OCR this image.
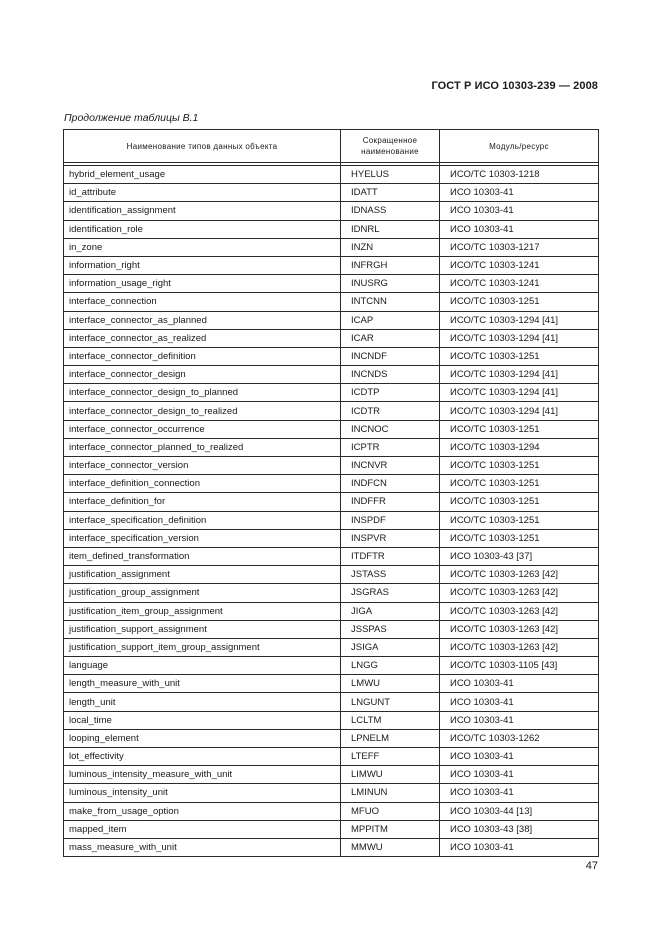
ГОСТ Р ИСО 10303-239 — 2008
Продолжение таблицы В.1
Наименование типов данных объекта	Сокращенное наименование	Модуль/ресурс

hybrid_element_usage	HYELUS	ИСО/ТС 10303-1218
id_attribute	IDATT	ИСО 10303-41
identification_assignment	IDNASS	ИСО 10303-41
identification_role	IDNRL	ИСО 10303-41
in_zone	INZN	ИСО/ТС 10303-1217
information_right	INFRGH	ИСО/ТС 10303-1241
information_usage_right	INUSRG	ИСО/ТС 10303-1241
interface_connection	INTCNN	ИСО/ТС 10303-1251
interface_connector_as_planned	ICAP	ИСО/ТС 10303-1294 [41]
interface_connector_as_realized	ICAR	ИСО/ТС 10303-1294 [41]
interface_connector_definition	INCNDF	ИСО/ТС 10303-1251
interface_connector_design	INCNDS	ИСО/ТС 10303-1294 [41]
interface_connector_design_to_planned	ICDTP	ИСО/ТС 10303-1294 [41]
interface_connector_design_to_realized	ICDTR	ИСО/ТС 10303-1294 [41]
interface_connector_occurrence	INCNOC	ИСО/ТС 10303-1251
interface_connector_planned_to_realized	ICPTR	ИСО/ТС 10303-1294
interface_connector_version	INCNVR	ИСО/ТС 10303-1251
interface_definition_connection	INDFCN	ИСО/ТС 10303-1251
interface_definition_for	INDFFR	ИСО/ТС 10303-1251
interface_specification_definition	INSPDF	ИСО/ТС 10303-1251
interface_specification_version	INSPVR	ИСО/ТС 10303-1251
item_defined_transformation	ITDFTR	ИСО 10303-43 [37]
justification_assignment	JSTASS	ИСО/ТС 10303-1263 [42]
justification_group_assignment	JSGRAS	ИСО/ТС 10303-1263 [42]
justification_item_group_assignment	JIGA	ИСО/ТС 10303-1263 [42]
justification_support_assignment	JSSPAS	ИСО/ТС 10303-1263 [42]
justification_support_item_group_assignment	JSIGA	ИСО/ТС 10303-1263 [42]
language	LNGG	ИСО/ТС 10303-1105 [43]
length_measure_with_unit	LMWU	ИСО 10303-41
length_unit	LNGUNT	ИСО 10303-41
local_time	LCLTM	ИСО 10303-41
looping_element	LPNELM	ИСО/ТС 10303-1262
lot_effectivity	LTEFF	ИСО 10303-41
luminous_intensity_measure_with_unit	LIMWU	ИСО 10303-41
luminous_intensity_unit	LMINUN	ИСО 10303-41
make_from_usage_option	MFUO	ИСО 10303-44 [13]
mapped_item	MPPITM	ИСО 10303-43 [38]
mass_measure_with_unit	MMWU	ИСО 10303-41
47
